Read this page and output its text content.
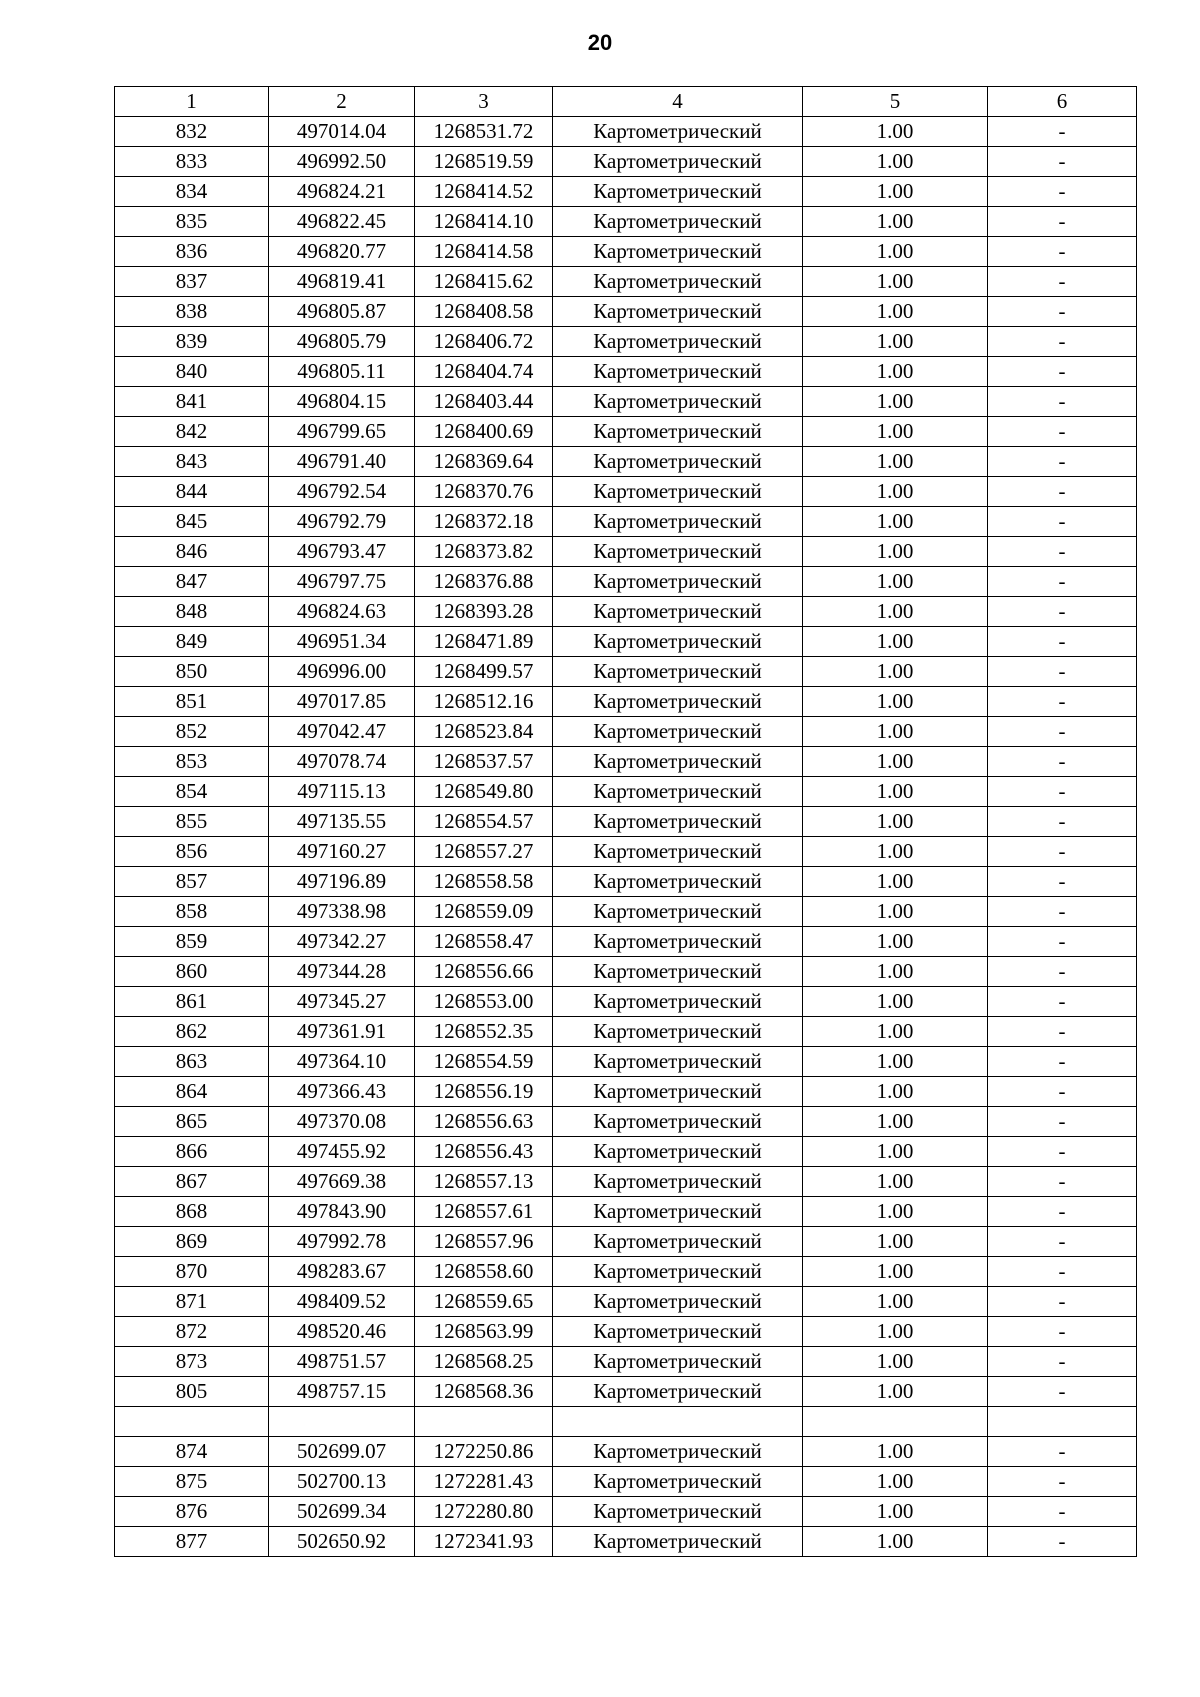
20
1	2	3	4	5	6
832	497014.04	1268531.72	Картометрический	1.00	-
833	496992.50	1268519.59	Картометрический	1.00	-
834	496824.21	1268414.52	Картометрический	1.00	-
835	496822.45	1268414.10	Картометрический	1.00	-
836	496820.77	1268414.58	Картометрический	1.00	-
837	496819.41	1268415.62	Картометрический	1.00	-
838	496805.87	1268408.58	Картометрический	1.00	-
839	496805.79	1268406.72	Картометрический	1.00	-
840	496805.11	1268404.74	Картометрический	1.00	-
841	496804.15	1268403.44	Картометрический	1.00	-
842	496799.65	1268400.69	Картометрический	1.00	-
843	496791.40	1268369.64	Картометрический	1.00	-
844	496792.54	1268370.76	Картометрический	1.00	-
845	496792.79	1268372.18	Картометрический	1.00	-
846	496793.47	1268373.82	Картометрический	1.00	-
847	496797.75	1268376.88	Картометрический	1.00	-
848	496824.63	1268393.28	Картометрический	1.00	-
849	496951.34	1268471.89	Картометрический	1.00	-
850	496996.00	1268499.57	Картометрический	1.00	-
851	497017.85	1268512.16	Картометрический	1.00	-
852	497042.47	1268523.84	Картометрический	1.00	-
853	497078.74	1268537.57	Картометрический	1.00	-
854	497115.13	1268549.80	Картометрический	1.00	-
855	497135.55	1268554.57	Картометрический	1.00	-
856	497160.27	1268557.27	Картометрический	1.00	-
857	497196.89	1268558.58	Картометрический	1.00	-
858	497338.98	1268559.09	Картометрический	1.00	-
859	497342.27	1268558.47	Картометрический	1.00	-
860	497344.28	1268556.66	Картометрический	1.00	-
861	497345.27	1268553.00	Картометрический	1.00	-
862	497361.91	1268552.35	Картометрический	1.00	-
863	497364.10	1268554.59	Картометрический	1.00	-
864	497366.43	1268556.19	Картометрический	1.00	-
865	497370.08	1268556.63	Картометрический	1.00	-
866	497455.92	1268556.43	Картометрический	1.00	-
867	497669.38	1268557.13	Картометрический	1.00	-
868	497843.90	1268557.61	Картометрический	1.00	-
869	497992.78	1268557.96	Картометрический	1.00	-
870	498283.67	1268558.60	Картометрический	1.00	-
871	498409.52	1268559.65	Картометрический	1.00	-
872	498520.46	1268563.99	Картометрический	1.00	-
873	498751.57	1268568.25	Картометрический	1.00	-
805	498757.15	1268568.36	Картометрический	1.00	-

874	502699.07	1272250.86	Картометрический	1.00	-
875	502700.13	1272281.43	Картометрический	1.00	-
876	502699.34	1272280.80	Картометрический	1.00	-
877	502650.92	1272341.93	Картометрический	1.00	-
